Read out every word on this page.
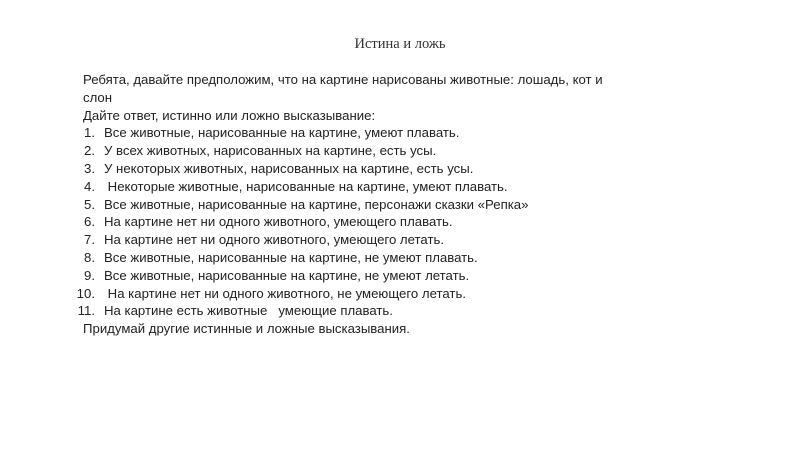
Истина и ложь

Ребята, давайте предположим, что на картине нарисованы животные: лошадь, кот и

слон

Дайте ответ, истинно или ложно высказывание:

1. Все животные, нарисованные на картине, умеют плавать.
2. У всех животных, нарисованных на картине, есть усы.
3. У некоторых животных, нарисованных на картине, есть усы.
4. Некоторые животные, нарисованные на картине, умеют плавать.
5. Все животные, нарисованные на картине, персонажи сказки «Репка»
6. На картине нет ни одного животного, умеющего плавать.
7. На картине нет ни одного животного, умеющего летать.
8. Все животные, нарисованные на картине, не умеют плавать.
9. Все животные, нарисованные на картине, не умеют летать.
10. На картине нет ни одного животного, не умеющего летать.
11. На картине есть животные   умеющие плавать.

Придумай другие истинные и ложные высказывания.
